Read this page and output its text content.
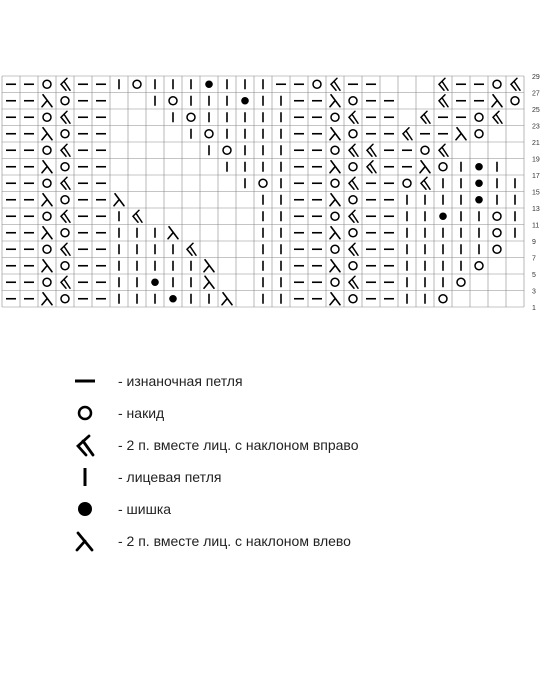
29
27
25
23
21
19
17
15
13
11
9
7
5
3
1
- изнаночная петля
- накид
- 2 п. вместе лиц. с наклоном вправо
- лицевая петля
- шишка
- 2 п. вместе лиц. с наклоном влево
